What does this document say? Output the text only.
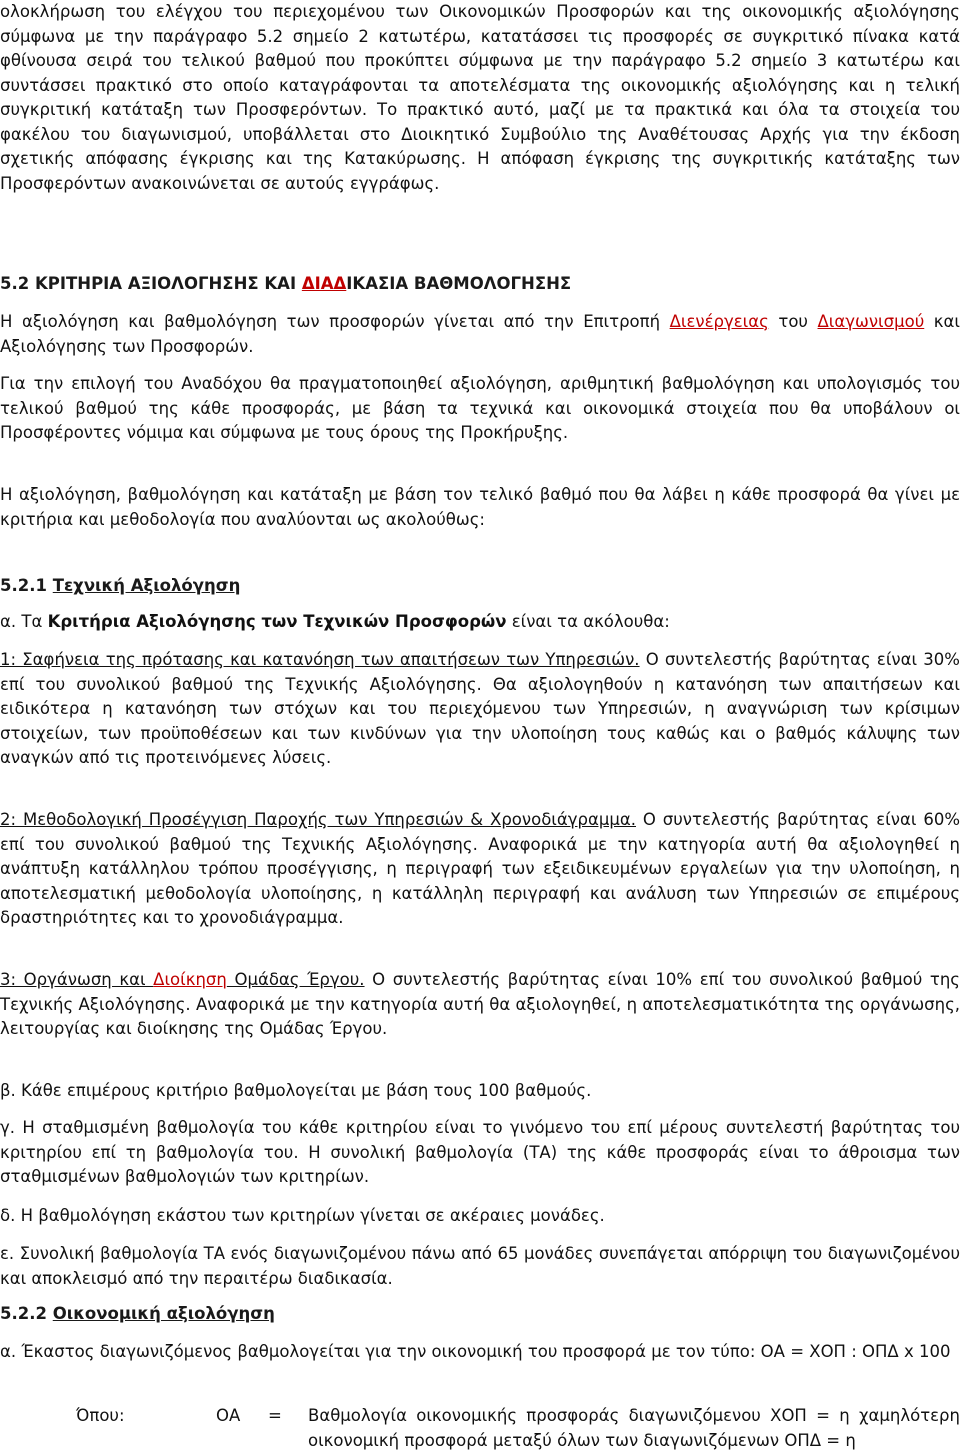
ολοκλήρωση του ελέγχου του περιεχομένου των Οικονομικών Προσφορών και της οικονομικής αξιολόγησης σύμφωνα με την παράγραφο 5.2 σημείο 2 κατωτέρω, κατατάσσει τις προσφορές σε συγκριτικό πίνακα κατά φθίνουσα σειρά του τελικού βαθμού που προκύπτει σύμφωνα με την παράγραφο 5.2 σημείο 3 κατωτέρω και συντάσσει πρακτικό στο οποίο καταγράφονται τα αποτελέσματα της οικονομικής αξιολόγησης και η τελική συγκριτική κατάταξη των Προσφερόντων. Το πρακτικό αυτό, μαζί με τα πρακτικά και όλα τα στοιχεία του φακέλου του διαγωνισμού, υποβάλλεται στο Διοικητικό Συμβούλιο της Αναθέτουσας Αρχής για την έκδοση σχετικής απόφασης έγκρισης και της Κατακύρωσης. Η απόφαση έγκρισης της συγκριτικής κατάταξης των Προσφερόντων ανακοινώνεται σε αυτούς εγγράφως.

5.2 ΚΡΙΤΗΡΙΑ ΑΞΙΟΛΟΓΗΣΗΣ ΚΑΙ ΔΙΑΔΙΚΑΣΙΑ ΒΑΘΜΟΛΟΓΗΣΗΣ

Η αξιολόγηση και βαθμολόγηση των προσφορών γίνεται από την Επιτροπή Διενέργειας του Διαγωνισμού και Αξιολόγησης των Προσφορών.

Για την επιλογή του Αναδόχου θα πραγματοποιηθεί αξιολόγηση, αριθμητική βαθμολόγηση και υπολογισμός του τελικού βαθμού της κάθε προσφοράς, με βάση τα τεχνικά και οικονομικά στοιχεία που θα υποβάλουν οι Προσφέροντες νόμιμα και σύμφωνα με τους όρους της Προκήρυξης.

Η αξιολόγηση, βαθμολόγηση και κατάταξη με βάση τον τελικό βαθμό που θα λάβει η κάθε προσφορά θα γίνει με κριτήρια και μεθοδολογία που αναλύονται ως ακολούθως:

5.2.1 Τεχνική Αξιολόγηση

α. Τα Κριτήρια Αξιολόγησης των Τεχνικών Προσφορών είναι τα ακόλουθα:

1: Σαφήνεια της πρότασης και κατανόηση των απαιτήσεων των Υπηρεσιών. Ο συντελεστής βαρύτητας είναι 30% επί του συνολικού βαθμού της Τεχνικής Αξιολόγησης. Θα αξιολογηθούν η κατανόηση των απαιτήσεων και ειδικότερα η κατανόηση των στόχων και του περιεχόμενου των Υπηρεσιών, η αναγνώριση των κρίσιμων στοιχείων, των προϋποθέσεων και των κινδύνων για την υλοποίηση τους καθώς και ο βαθμός κάλυψης των αναγκών από τις προτεινόμενες λύσεις.

2: Μεθοδολογική Προσέγγιση Παροχής των Υπηρεσιών & Χρονοδιάγραμμα. Ο συντελεστής βαρύτητας είναι 60% επί του συνολικού βαθμού της Τεχνικής Αξιολόγησης. Αναφορικά με την κατηγορία αυτή θα αξιολογηθεί η ανάπτυξη κατάλληλου τρόπου προσέγγισης, η περιγραφή των εξειδικευμένων εργαλείων για την υλοποίηση, η αποτελεσματική μεθοδολογία υλοποίησης, η κατάλληλη περιγραφή και ανάλυση των Υπηρεσιών σε επιμέρους δραστηριότητες και το χρονοδιάγραμμα.

3: Οργάνωση και Διοίκηση Ομάδας Έργου. Ο συντελεστής βαρύτητας είναι 10% επί του συνολικού βαθμού της Τεχνικής Αξιολόγησης. Αναφορικά με την κατηγορία αυτή θα αξιολογηθεί, η αποτελεσματικότητα της οργάνωσης, λειτουργίας και διοίκησης της Ομάδας Έργου.

β. Κάθε επιμέρους κριτήριο βαθμολογείται με βάση τους 100 βαθμούς.

γ. Η σταθμισμένη βαθμολογία του κάθε κριτηρίου είναι το γινόμενο του επί μέρους συντελεστή βαρύτητας του κριτηρίου επί τη βαθμολογία του. Η συνολική βαθμολογία (ΤΑ) της κάθε προσφοράς είναι το άθροισμα των σταθμισμένων βαθμολογιών των κριτηρίων.

δ. Η βαθμολόγηση εκάστου των κριτηρίων γίνεται σε ακέραιες μονάδες.

ε. Συνολική βαθμολογία ΤΑ ενός διαγωνιζομένου πάνω από 65 μονάδες συνεπάγεται απόρριψη του διαγωνιζομένου και αποκλεισμό από την περαιτέρω διαδικασία.

5.2.2 Οικονομική αξιολόγηση

α. Έκαστος διαγωνιζόμενος βαθμολογείται για την οικονομική του προσφορά με τον τύπο: ΟΑ = ΧΟΠ : ΟΠΔ x 100

Όπου:	ΟΑ	=	Βαθμολογία οικονομικής προσφοράς διαγωνιζόμενου ΧΟΠ = η χαμηλότερη οικονομική προσφορά μεταξύ όλων των διαγωνιζόμενων ΟΠΔ = η
